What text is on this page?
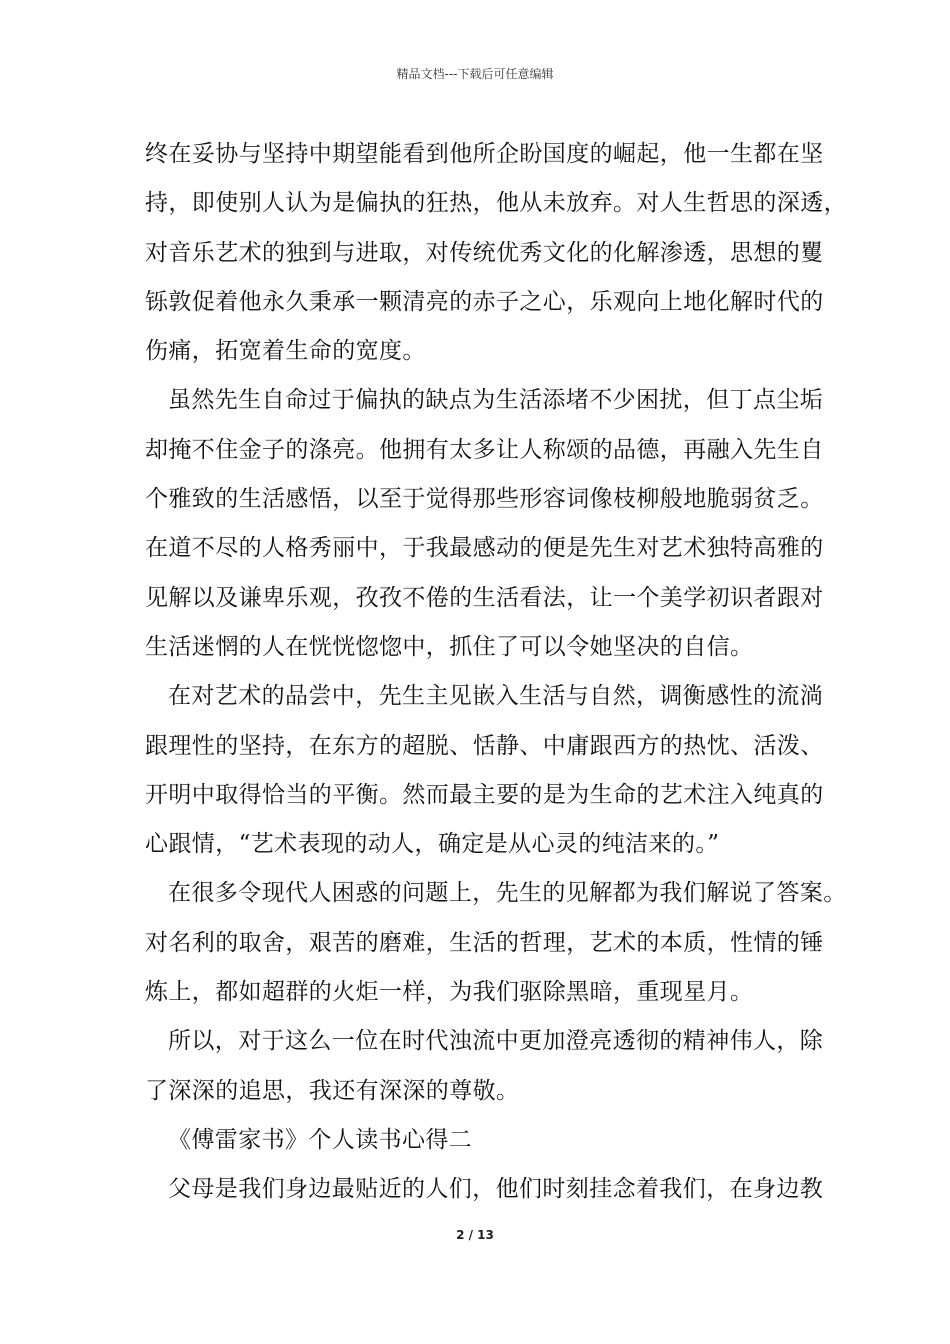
精品文档---下载后可任意编辑
终在妥协与坚持中期望能看到他所企盼国度的崛起，他一生都在坚
持，即使别人认为是偏执的狂热，他从未放弃。对人生哲思的深透，
对音乐艺术的独到与进取，对传统优秀文化的化解渗透，思想的矍
铄敦促着他永久秉承一颗清亮的赤子之心，乐观向上地化解时代的
伤痛，拓宽着生命的宽度。
虽然先生自命过于偏执的缺点为生活添堵不少困扰，但丁点尘垢
却掩不住金子的涤亮。他拥有太多让人称颂的品德，再融入先生自
个雅致的生活感悟，以至于觉得那些形容词像枝柳般地脆弱贫乏。
在道不尽的人格秀丽中，于我最感动的便是先生对艺术独特高雅的
见解以及谦卑乐观，孜孜不倦的生活看法，让一个美学初识者跟对
生活迷惘的人在恍恍惚惚中，抓住了可以令她坚决的自信。
在对艺术的品尝中，先生主见嵌入生活与自然，调衡感性的流淌
跟理性的坚持，在东方的超脱、恬静、中庸跟西方的热忱、活泼、
开明中取得恰当的平衡。然而最主要的是为生命的艺术注入纯真的
心跟情，“艺术表现的动人，确定是从心灵的纯洁来的。”
在很多令现代人困惑的问题上，先生的见解都为我们解说了答案。
对名利的取舍，艰苦的磨难，生活的哲理，艺术的本质，性情的锤
炼上，都如超群的火炬一样，为我们驱除黑暗，重现星月。
所以，对于这么一位在时代浊流中更加澄亮透彻的精神伟人，除
了深深的追思，我还有深深的尊敬。
《傅雷家书》个人读书心得二
父母是我们身边最贴近的人们，他们时刻挂念着我们，在身边教
2 / 13
